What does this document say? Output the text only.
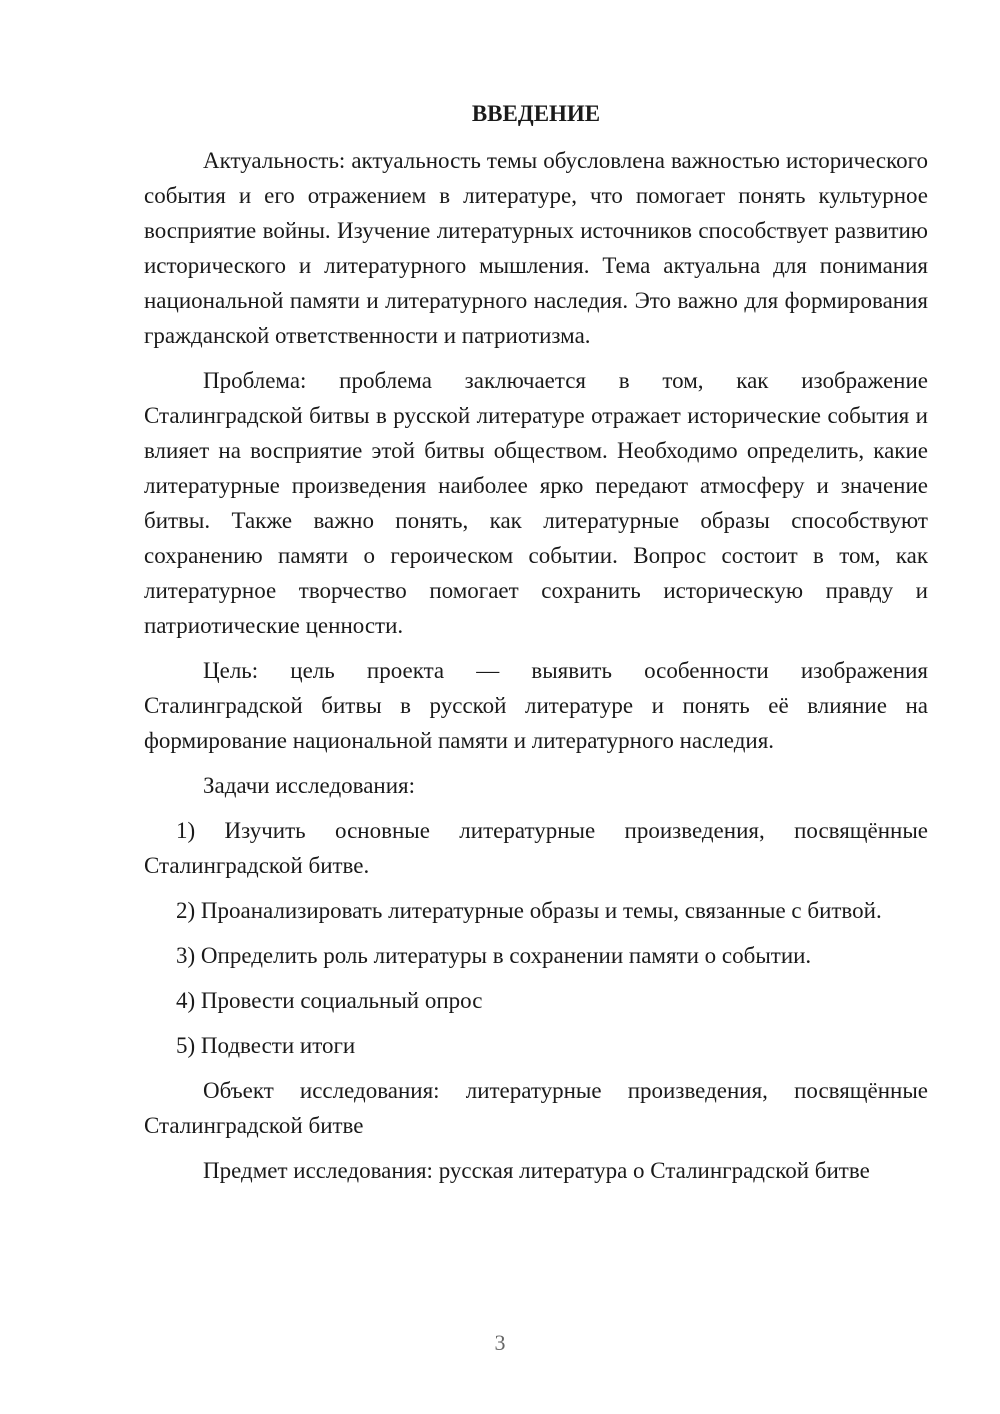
ВВЕДЕНИЕ

Актуальность: актуальность темы обусловлена важностью исторического события и его отражением в литературе, что помогает понять культурное восприятие войны. Изучение литературных источников способствует развитию исторического и литературного мышления. Тема актуальна для понимания национальной памяти и литературного наследия. Это важно для формирования гражданской ответственности и патриотизма.

Проблема: проблема заключается в том, как изображение Сталинградской битвы в русской литературе отражает исторические события и влияет на восприятие этой битвы обществом. Необходимо определить, какие литературные произведения наиболее ярко передают атмосферу и значение битвы. Также важно понять, как литературные образы способствуют сохранению памяти о героическом событии. Вопрос состоит в том, как литературное творчество помогает сохранить историческую правду и патриотические ценности.

Цель: цель проекта — выявить особенности изображения Сталинградской битвы в русской литературе и понять её влияние на формирование национальной памяти и литературного наследия.

Задачи исследования:

1) Изучить основные литературные произведения, посвящённые Сталинградской битве.

2) Проанализировать литературные образы и темы, связанные с битвой.

3) Определить роль литературы в сохранении памяти о событии.

4) Провести социальный опрос

5) Подвести итоги

Объект исследования: литературные произведения, посвящённые Сталинградской битве

Предмет исследования: русская литература о Сталинградской битве

3
